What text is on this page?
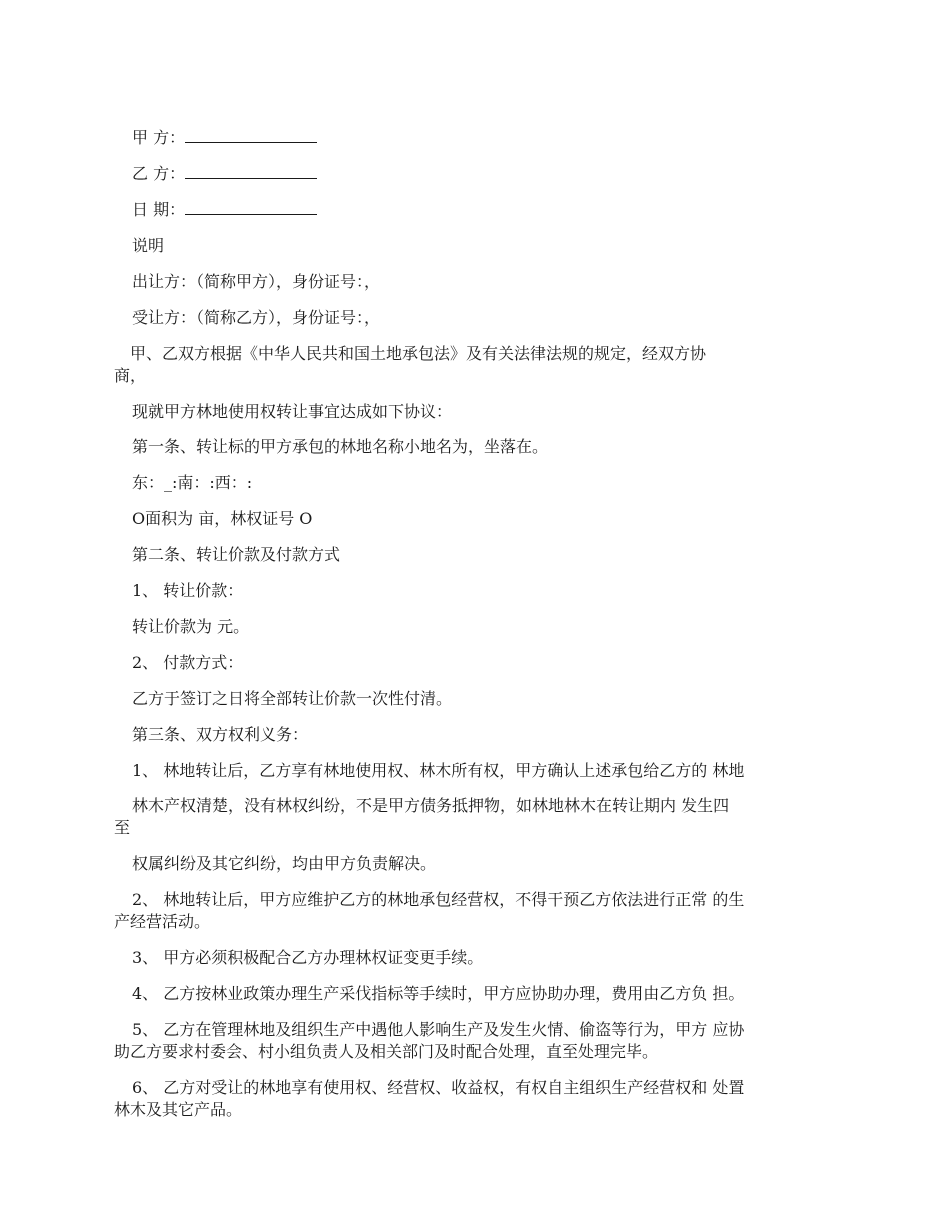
甲 方：
乙 方：
日 期：
说明
出让方：（简称甲方），身份证号：，
受让方：（简称乙方），身份证号：，
甲、乙双方根据《中华人民共和国土地承包法》及有关法律法规的规定，经双方协
商，
现就甲方林地使用权转让事宜达成如下协议：
第一条、转让标的甲方承包的林地名称小地名为，坐落在。
东：_:南：:西：:
O面积为 亩，林权证号 O
第二条、转让价款及付款方式
1、 转让价款：
转让价款为 元。
2、 付款方式：
乙方于签订之日将全部转让价款一次性付清。
第三条、双方权利义务：
1、 林地转让后，乙方享有林地使用权、林木所有权，甲方确认上述承包给乙方的 林地
林木产权清楚，没有林权纠纷，不是甲方债务抵押物，如林地林木在转让期内 发生四
至
权属纠纷及其它纠纷，均由甲方负责解决。
2、 林地转让后，甲方应维护乙方的林地承包经营权，不得干预乙方依法进行正常 的生
产经营活动。
3、 甲方必须积极配合乙方办理林权证变更手续。
4、 乙方按林业政策办理生产采伐指标等手续时，甲方应协助办理，费用由乙方负 担。
5、 乙方在管理林地及组织生产中遇他人影响生产及发生火情、偷盗等行为，甲方 应协
助乙方要求村委会、村小组负责人及相关部门及时配合处理，直至处理完毕。
6、 乙方对受让的林地享有使用权、经营权、收益权，有权自主组织生产经营权和 处置
林木及其它产品。
